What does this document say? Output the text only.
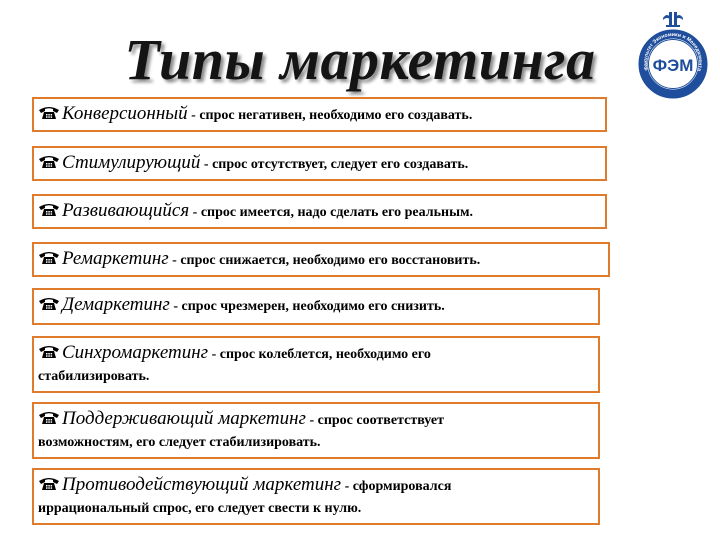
Типы маркетинга	ФЭМ
Факультет Экономики и Менеджмента
Конверсионный - спрос негативен, необходимо его создавать.
Стимулирующий - спрос отсутствует, следует его создавать.
Развивающийся - спрос имеется, надо сделать его реальным.
Ремаркетинг - спрос снижается, необходимо его восстановить.
Демаркетинг - спрос чрезмерен, необходимо его снизить.
Синхромаркетинг - спрос колеблется, необходимо его
стабилизировать.
Поддерживающий маркетинг - спрос соответствует
возможностям, его следует стабилизировать.
Противодействующий маркетинг - сформировался
иррациональный спрос, его следует свести к нулю.
